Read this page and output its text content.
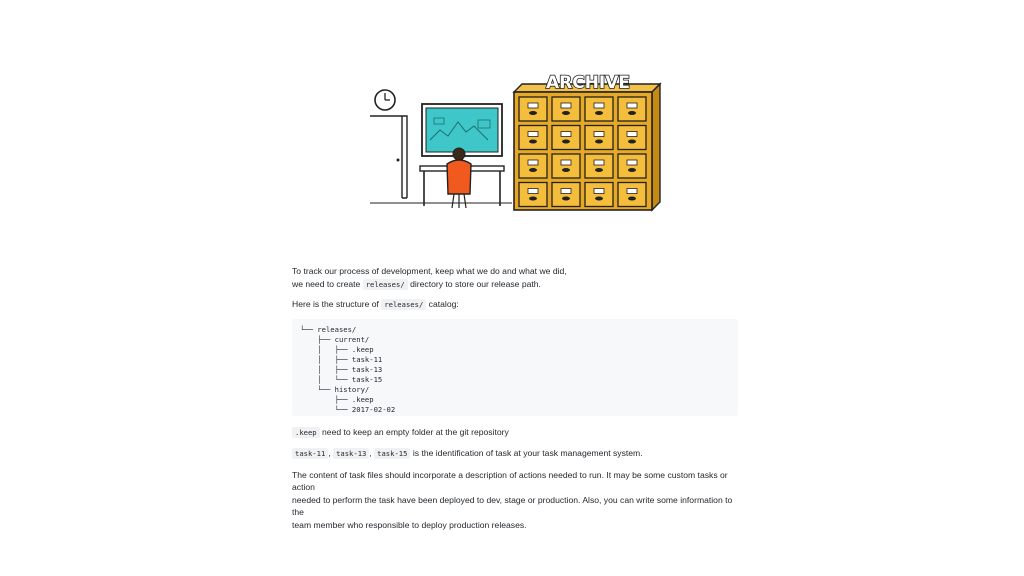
ARCHIVE

To track our process of development, keep what we do and what we did,
we need to create releases/ directory to store our release path.

Here is the structure of releases/ catalog:

└── releases/
├── current/
│   ├── .keep
│   ├── task-11
│   ├── task-13
│   └── task-15
└── history/
├── .keep
└── 2017-02-02

.keep need to keep an empty folder at the git repository

task-11 , task-13 , task-15 is the identification of task at your task management system.

The content of task files should incorporate a description of actions needed to run. It may be some custom tasks or action
needed to perform the task have been deployed to dev, stage or production. Also, you can write some information to the
team member who responsible to deploy production releases.
